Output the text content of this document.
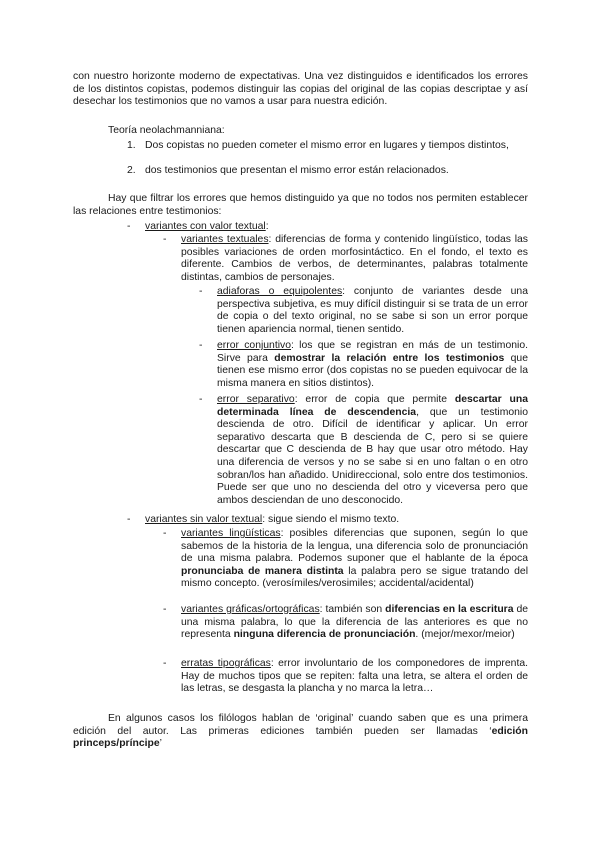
con nuestro horizonte moderno de expectativas. Una vez distinguidos e identificados los errores de los distintos copistas, podemos distinguir las copias del original de las copias descriptae y así desechar los testimonios que no vamos a usar para nuestra edición.

Teoría neolachmanniana:

1. Dos copistas no pueden cometer el mismo error en lugares y tiempos distintos,

2. dos testimonios que presentan el mismo error están relacionados.

Hay que filtrar los errores que hemos distinguido ya que no todos nos permiten establecer las relaciones entre testimonios:

- variantes con valor textual:

- variantes textuales: diferencias de forma y contenido lingüístico, todas las posibles variaciones de orden morfosintáctico. En el fondo, el texto es diferente. Cambios de verbos, de determinantes, palabras totalmente distintas, cambios de personajes.

- adiaforas o equipolentes: conjunto de variantes desde una perspectiva subjetiva, es muy difícil distinguir si se trata de un error de copia o del texto original, no se sabe si son un error porque tienen apariencia normal, tienen sentido.

- error conjuntivo: los que se registran en más de un testimonio. Sirve para demostrar la relación entre los testimonios que tienen ese mismo error (dos copistas no se pueden equivocar de la misma manera en sitios distintos).

- error separativo: error de copia que permite descartar una determinada línea de descendencia, que un testimonio descienda de otro. Difícil de identificar y aplicar. Un error separativo descarta que B descienda de C, pero si se quiere descartar que C descienda de B hay que usar otro método. Hay una diferencia de versos y no se sabe si en uno faltan o en otro sobran/los han añadido. Unidireccional, solo entre dos testimonios. Puede ser que uno no descienda del otro y viceversa pero que ambos desciendan de uno desconocido.

- variantes sin valor textual: sigue siendo el mismo texto.

- variantes lingüísticas: posibles diferencias que suponen, según lo que sabemos de la historia de la lengua, una diferencia solo de pronunciación de una misma palabra. Podemos suponer que el hablante de la época pronunciaba de manera distinta la palabra pero se sigue tratando del mismo concepto. (verosímiles/verosimiles; accidental/acidental)

- variantes gráficas/ortográficas: también son diferencias en la escritura de una misma palabra, lo que la diferencia de las anteriores es que no representa ninguna diferencia de pronunciación. (mejor/mexor/meior)

- erratas tipográficas: error involuntario de los componedores de imprenta. Hay de muchos tipos que se repiten: falta una letra, se altera el orden de las letras, se desgasta la plancha y no marca la letra…

En algunos casos los filólogos hablan de ‘original’ cuando saben que es una primera edición del autor. Las primeras ediciones también pueden ser llamadas ‘edición princeps/príncipe’
